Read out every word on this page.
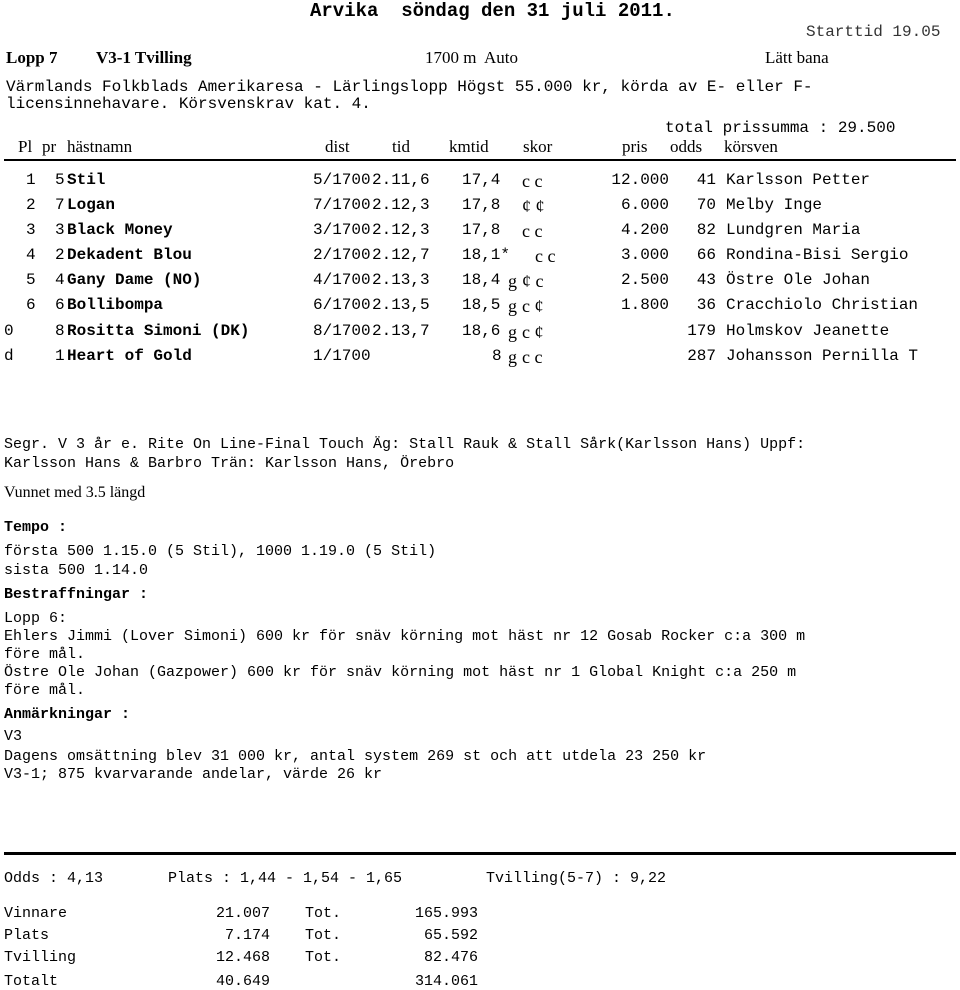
Arvika  söndag den 31 juli 2011.
Starttid 19.05
Lopp 7 V3-1 Tvilling	1700 m  Auto	Lätt bana
Värmlands Folkblads Amerikaresa - Lärlingslopp Högst 55.000 kr, körda av E- eller F-
licensinnehavare. Körsvenskrav kat. 4.
total prissumma : 29.500
Pl pr hästnamn	dist tid kmtid skor	pris odds körsven
1 5 Stil	5/1700 2.11,6 17,4 c c	12.000	41 Karlsson Petter
2 7 Logan	7/1700 2.12,3 17,8 ¢ ¢	6.000	70 Melby Inge
3 3 Black Money	3/1700 2.12,3 17,8 c c	4.200	82 Lundgren Maria
4 2 Dekadent Blou	2/1700 2.12,7 18,1* c c	3.000	66 Rondina-Bisi Sergio
5 4 Gany Dame (NO)	4/1700 2.13,3 18,4 g ¢ c	2.500	43 Östre Ole Johan
6 6 Bollibompa	6/1700 2.13,5 18,5 g c ¢	1.800	36 Cracchiolo Christian
0	8 Rositta Simoni (DK)	8/1700 2.13,7 18,6 g c ¢	179 Holmskov Jeanette
d	1 Heart of Gold	1/1700	8 g c c	287 Johansson Pernilla T
Segr. V 3 år e. Rite On Line-Final Touch Äg: Stall Rauk & Stall Sårk(Karlsson Hans) Uppf:
Karlsson Hans & Barbro Trän: Karlsson Hans, Örebro
Vunnet med 3.5 längd
Tempo :
första 500 1.15.0 (5 Stil), 1000 1.19.0 (5 Stil)
sista 500 1.14.0
Bestraffningar :
Lopp 6:
Ehlers Jimmi (Lover Simoni) 600 kr för snäv körning mot häst nr 12 Gosab Rocker c:a 300 m
före mål.
Östre Ole Johan (Gazpower) 600 kr för snäv körning mot häst nr 1 Global Knight c:a 250 m
före mål.
Anmärkningar :
V3
Dagens omsättning blev 31 000 kr, antal system 269 st och att utdela 23 250 kr
V3-1; 875 kvarvarande andelar, värde 26 kr
Odds : 4,13	Plats : 1,44 - 1,54 - 1,65	Tvilling(5-7) : 9,22
Vinnare	21.007 Tot.	165.993
Plats	7.174 Tot.	65.592
Tvilling	12.468 Tot.	82.476
Totalt	40.649	314.061
